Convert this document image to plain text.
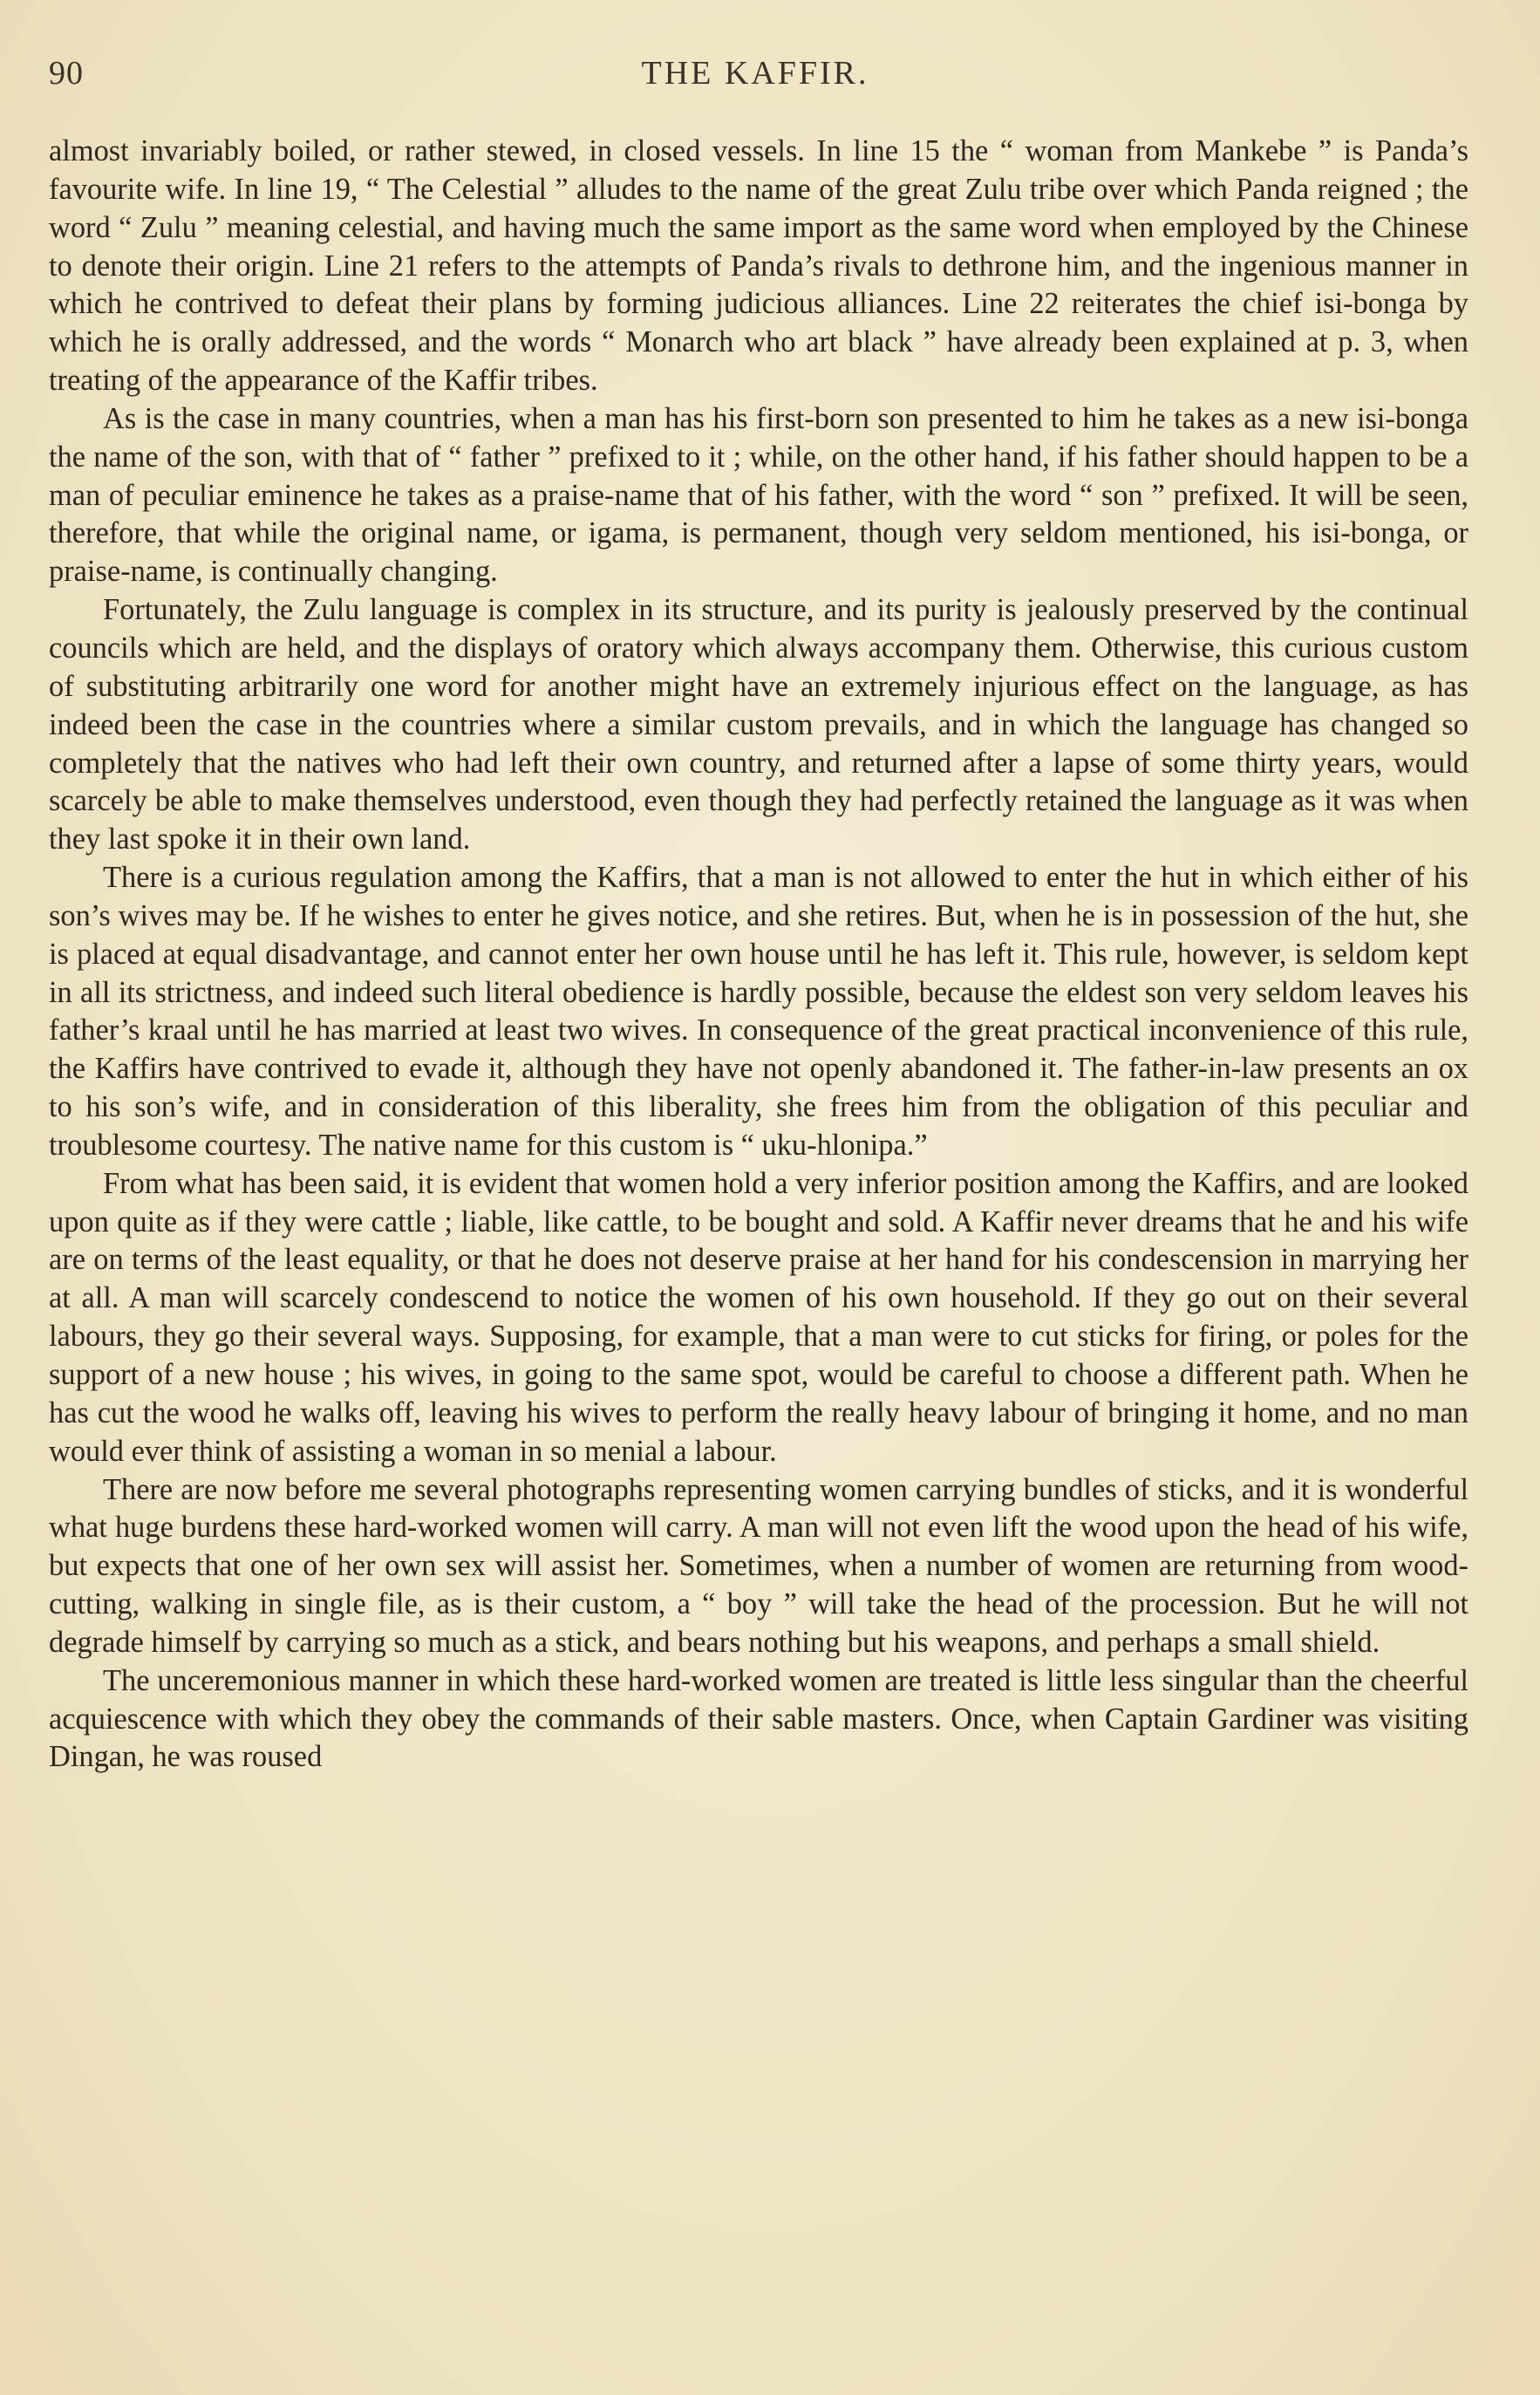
90	THE KAFFIR.

almost invariably boiled, or rather stewed, in closed vessels. In line 15 the “ woman from Mankebe ” is Panda’s favourite wife. In line 19, “ The Celestial ” alludes to the name of the great Zulu tribe over which Panda reigned ; the word “ Zulu ” meaning celestial, and having much the same import as the same word when employed by the Chinese to denote their origin. Line 21 refers to the attempts of Panda’s rivals to dethrone him, and the ingenious manner in which he contrived to defeat their plans by forming judicious alliances. Line 22 reiterates the chief isi-bonga by which he is orally addressed, and the words “ Monarch who art black ” have already been explained at p. 3, when treating of the appearance of the Kaffir tribes.

As is the case in many countries, when a man has his first-born son presented to him he takes as a new isi-bonga the name of the son, with that of “ father ” prefixed to it ; while, on the other hand, if his father should happen to be a man of peculiar eminence he takes as a praise-name that of his father, with the word “ son ” prefixed. It will be seen, therefore, that while the original name, or igama, is permanent, though very seldom mentioned, his isi-bonga, or praise-name, is continually changing.

Fortunately, the Zulu language is complex in its structure, and its purity is jealously preserved by the continual councils which are held, and the displays of oratory which always accompany them. Otherwise, this curious custom of substituting arbitrarily one word for another might have an extremely injurious effect on the language, as has indeed been the case in the countries where a similar custom prevails, and in which the language has changed so completely that the natives who had left their own country, and returned after a lapse of some thirty years, would scarcely be able to make themselves understood, even though they had perfectly retained the language as it was when they last spoke it in their own land.

There is a curious regulation among the Kaffirs, that a man is not allowed to enter the hut in which either of his son’s wives may be. If he wishes to enter he gives notice, and she retires. But, when he is in possession of the hut, she is placed at equal disadvantage, and cannot enter her own house until he has left it. This rule, however, is seldom kept in all its strictness, and indeed such literal obedience is hardly possible, because the eldest son very seldom leaves his father’s kraal until he has married at least two wives. In consequence of the great practical inconvenience of this rule, the Kaffirs have contrived to evade it, although they have not openly abandoned it. The father-in-law presents an ox to his son’s wife, and in consideration of this liberality, she frees him from the obligation of this peculiar and troublesome courtesy. The native name for this custom is “ uku-hlonipa.”

From what has been said, it is evident that women hold a very inferior position among the Kaffirs, and are looked upon quite as if they were cattle ; liable, like cattle, to be bought and sold. A Kaffir never dreams that he and his wife are on terms of the least equality, or that he does not deserve praise at her hand for his condescension in marrying her at all. A man will scarcely condescend to notice the women of his own household. If they go out on their several labours, they go their several ways. Supposing, for example, that a man were to cut sticks for firing, or poles for the support of a new house ; his wives, in going to the same spot, would be careful to choose a different path. When he has cut the wood he walks off, leaving his wives to perform the really heavy labour of bringing it home, and no man would ever think of assisting a woman in so menial a labour.

There are now before me several photographs representing women carrying bundles of sticks, and it is wonderful what huge burdens these hard-worked women will carry. A man will not even lift the wood upon the head of his wife, but expects that one of her own sex will assist her. Sometimes, when a number of women are returning from wood-cutting, walking in single file, as is their custom, a “ boy ” will take the head of the procession. But he will not degrade himself by carrying so much as a stick, and bears nothing but his weapons, and perhaps a small shield.

The unceremonious manner in which these hard-worked women are treated is little less singular than the cheerful acquiescence with which they obey the commands of their sable masters. Once, when Captain Gardiner was visiting Dingan, he was roused
